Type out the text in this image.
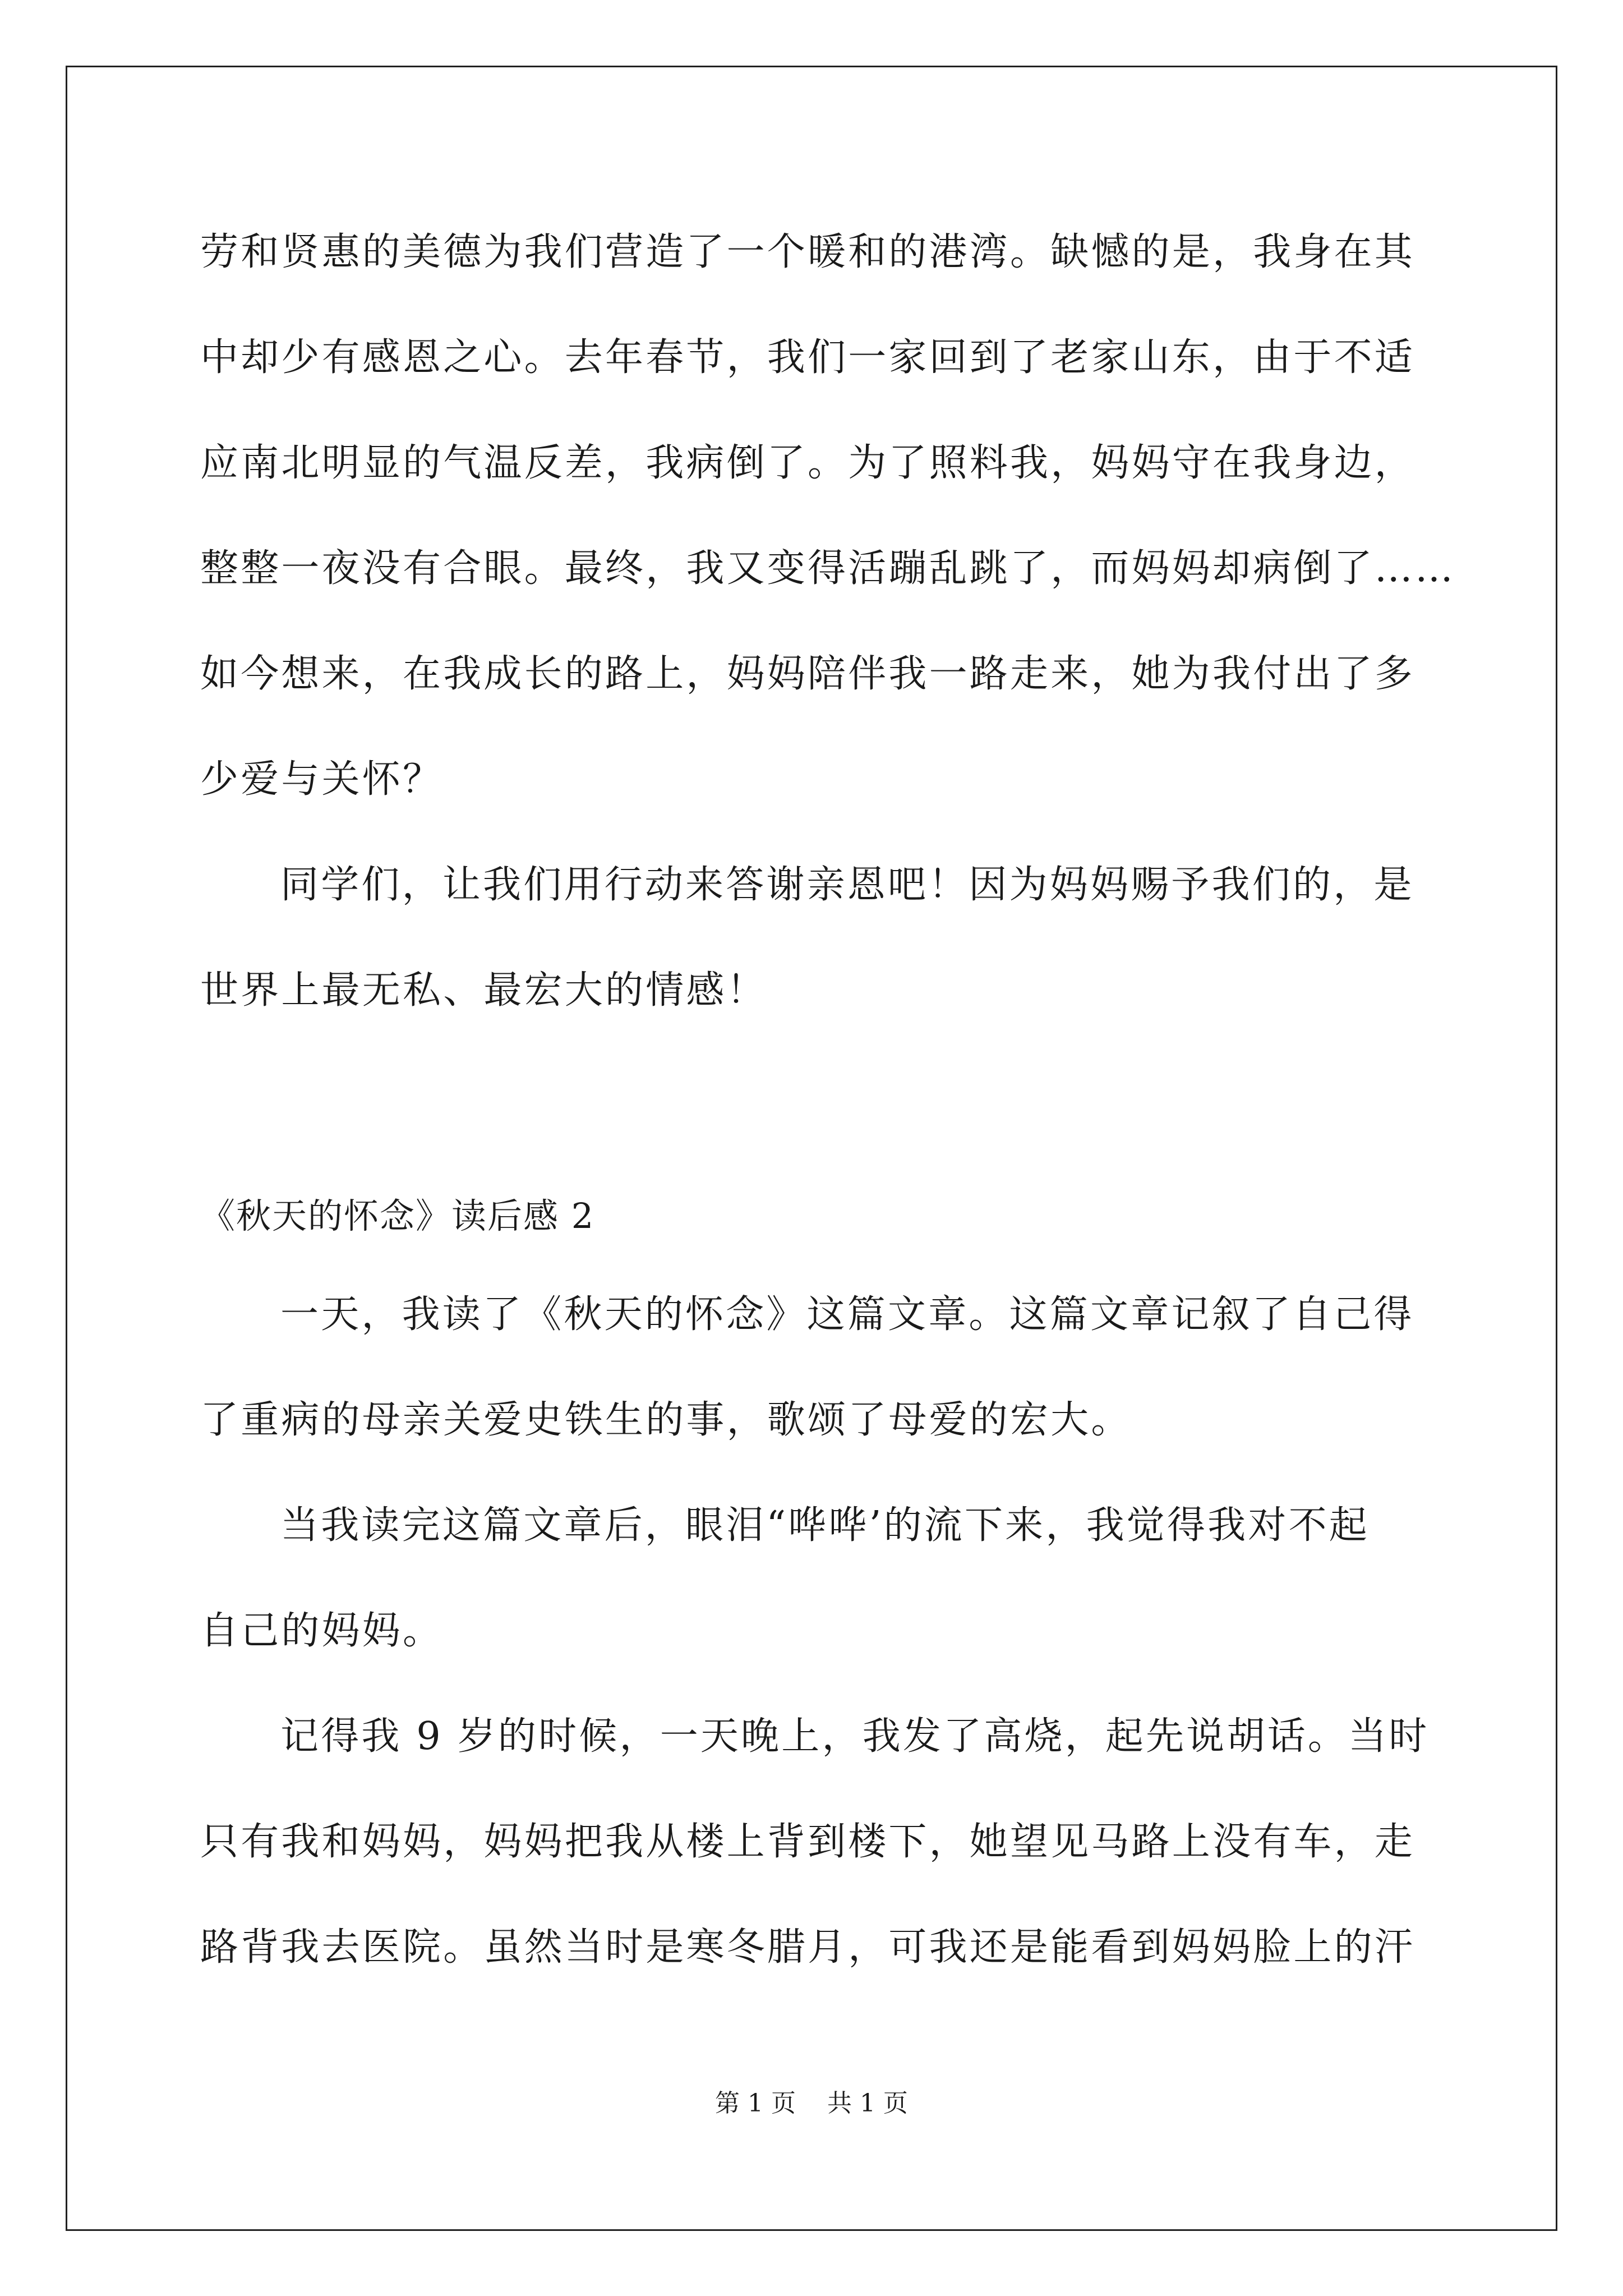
劳和贤惠的美德为我们营造了一个暖和的港湾。缺憾的是，我身在其
中却少有感恩之心。去年春节，我们一家回到了老家山东，由于不适
应南北明显的气温反差，我病倒了。为了照料我，妈妈守在我身边，
整整一夜没有合眼。最终，我又变得活蹦乱跳了，而妈妈却病倒了……
如今想来，在我成长的路上，妈妈陪伴我一路走来，她为我付出了多
少爱与关怀？
同学们，让我们用行动来答谢亲恩吧！因为妈妈赐予我们的，是
世界上最无私、最宏大的情感！
《秋天的怀念》读后感 2
一天，我读了《秋天的怀念》这篇文章。这篇文章记叙了自己得
了重病的母亲关爱史铁生的事，歌颂了母爱的宏大。
当我读完这篇文章后，眼泪“哗哗’的流下来，我觉得我对不起
自己的妈妈。
记得我 9 岁的时候，一天晚上，我发了高烧，起先说胡话。当时
只有我和妈妈，妈妈把我从楼上背到楼下，她望见马路上没有车，走
路背我去医院。虽然当时是寒冬腊月，可我还是能看到妈妈脸上的汗
第 1 页 共 1 页
